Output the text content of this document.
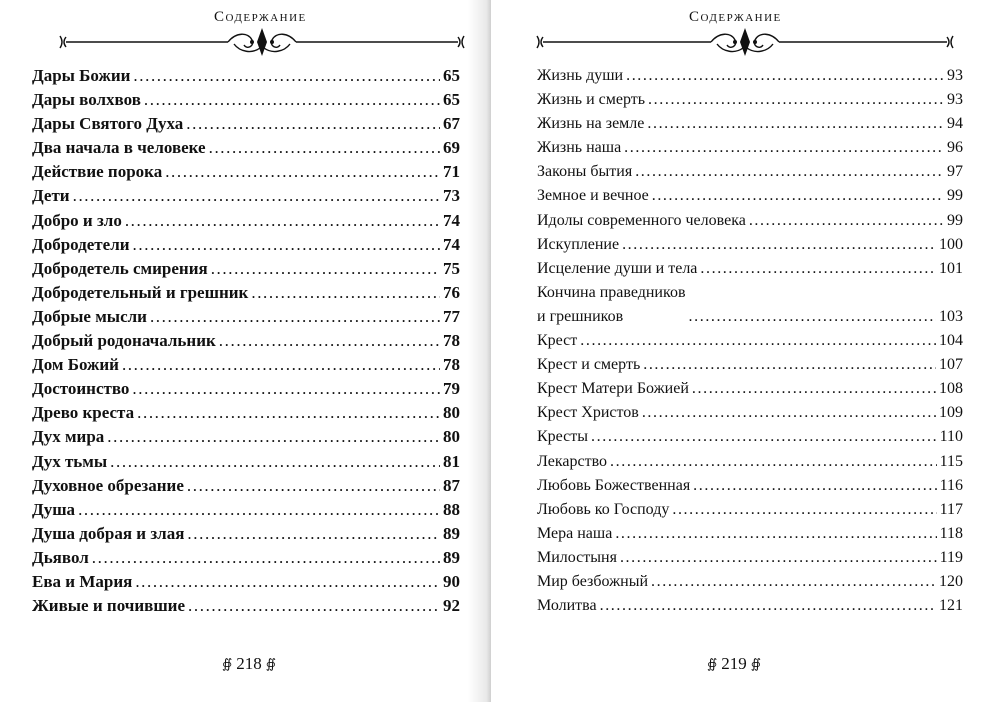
Содержание
Дары Божии .....	65
Дары волхвов .....	65
Дары Святого Духа .....	67
Два начала в человеке .....	69
Действие порока .....	71
Дети .....	73
Добро и зло .....	74
Добродетели .....	74
Добродетель смирения .....	75
Добродетельный и грешник .....	76
Добрые мысли .....	77
Добрый родоначальник .....	78
Дом Божий .....	78
Достоинство .....	79
Древо креста .....	80
Дух мира .....	80
Дух тьмы .....	81
Духовное обрезание .....	87
Душа .....	88
Душа добрая и злая .....	89
Дьявол .....	89
Ева и Мария .....	90
Живые и почившие .....	92
∯ 218 ∯
Содержание
Жизнь души .....	93
Жизнь и смерть .....	93
Жизнь на земле .....	94
Жизнь наша .....	96
Законы бытия .....	97
Земное и вечное .....	99
Идолы современного человека .....	99
Искупление .....	100
Исцеление души и тела .....	101
Кончина праведников
и грешников .....	103
Крест .....	104
Крест и смерть .....	107
Крест Матери Божией .....	108
Крест Христов .....	109
Кресты .....	110
Лекарство .....	115
Любовь Божественная .....	116
Любовь ко Господу .....	117
Мера наша .....	118
Милостыня .....	119
Мир безбожный .....	120
Молитва .....	121
∯ 219 ∯
